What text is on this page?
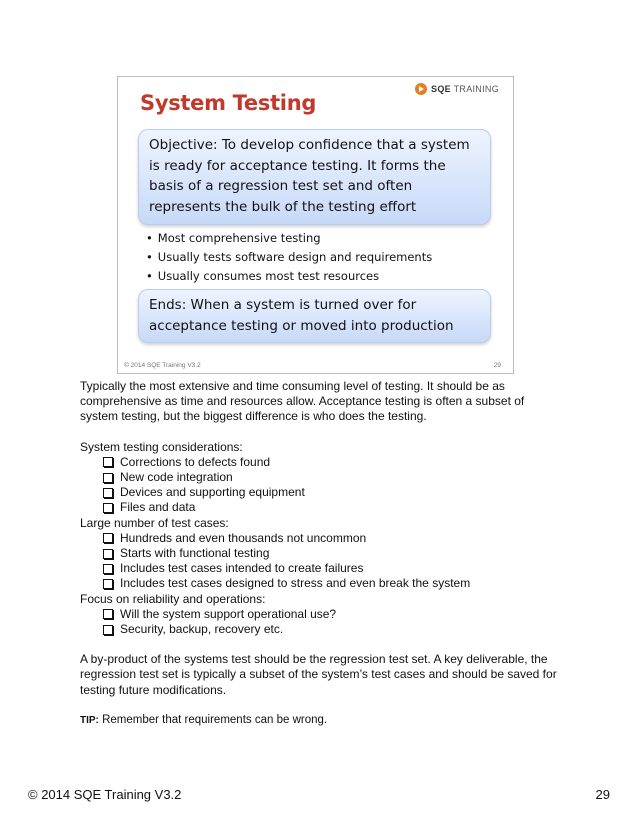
System Testing
SQE TRAINING
Objective: To develop confidence that a system is ready for acceptance testing. It forms the basis of a regression test set and often represents the bulk of the testing effort
• Most comprehensive testing
• Usually tests software design and requirements
• Usually consumes most test resources
Ends: When a system is turned over for acceptance testing or moved into production
© 2014 SQE Training V3.2	29

Typically the most extensive and time consuming level of testing. It should be as comprehensive as time and resources allow. Acceptance testing is often a subset of system testing, but the biggest difference is who does the testing.

System testing considerations:

Corrections to defects found
New code integration
Devices and supporting equipment
Files and data

Large number of test cases:

Hundreds and even thousands not uncommon
Starts with functional testing
Includes test cases intended to create failures
Includes test cases designed to stress and even break the system

Focus on reliability and operations:

Will the system support operational use?
Security, backup, recovery etc.

A by-product of the systems test should be the regression test set. A key deliverable, the regression test set is typically a subset of the system’s test cases and should be saved for testing future modifications.

TIP: Remember that requirements can be wrong.

© 2014 SQE Training V3.2	29
